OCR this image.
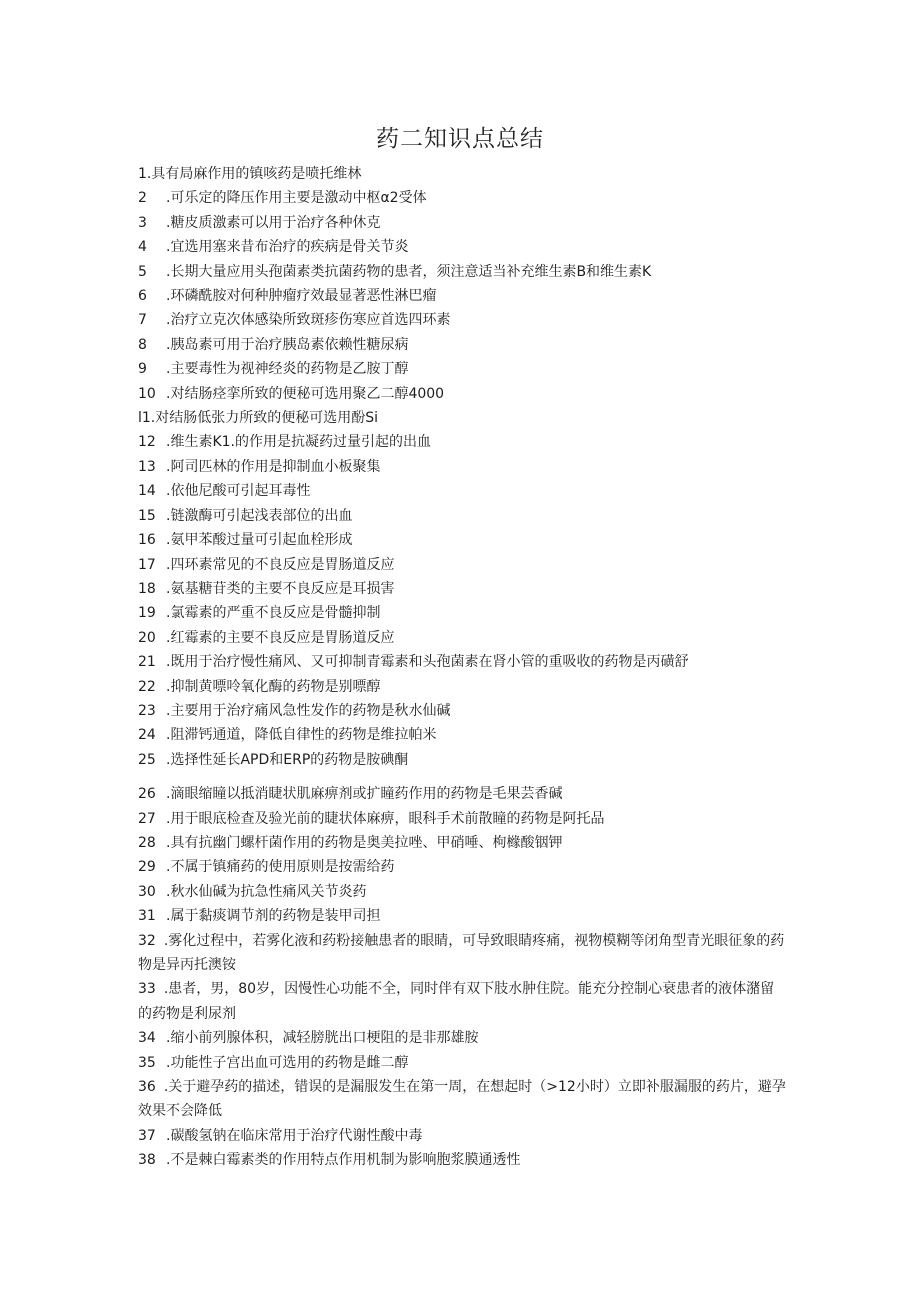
药二知识点总结
1 .具有局麻作用的镇咳药是喷托维林
2	.可乐定的降压作用主要是激动中枢α2受体
3	.糖皮质激素可以用于治疗各种休克
4	.宜选用塞来昔布治疗的疾病是骨关节炎
5	.长期大量应用头孢菌素类抗菌药物的患者，须注意适当补充维生素B和维生素K
6	.环磷酰胺对何种肿瘤疗效最显著恶性淋巴瘤
7	.治疗立克次体感染所致斑疹伤寒应首选四环素
8	.胰岛素可用于治疗胰岛素依赖性糖尿病
9	.主要毒性为视神经炎的药物是乙胺丁醇
10 .对结肠痉挛所致的便秘可选用聚乙二醇4000
l1 .对结肠低张力所致的便秘可选用酚Si
12 .维生素K1.的作用是抗凝药过量引起的出血
13 .阿司匹林的作用是抑制血小板聚集
14 .依他尼酸可引起耳毒性
15 .链激酶可引起浅表部位的出血
16 .氨甲苯酸过量可引起血栓形成
17 .四环素常见的不良反应是胃肠道反应
18 .氨基糖苷类的主要不良反应是耳损害
19 .氯霉素的严重不良反应是骨髓抑制
20 .红霉素的主要不良反应是胃肠道反应
21 .既用于治疗慢性痛风、又可抑制青霉素和头孢菌素在肾小管的重吸收的药物是丙磺舒
22 .抑制黄嘌呤氧化酶的药物是别嘌醇
23 .主要用于治疗痛风急性发作的药物是秋水仙碱
24 .阻滞钙通道，降低自律性的药物是维拉帕米
25 .选择性延长APD和ERP的药物是胺碘酮
26 .滴眼缩瞳以抵消睫状肌麻痹剂或扩瞳药作用的药物是毛果芸香碱
27 .用于眼底检查及验光前的睫状体麻痹，眼科手术前散瞳的药物是阿托品
28 .具有抗幽门螺杆菌作用的药物是奥美拉唑、甲硝唾、枸橼酸铟钾
29 .不属于镇痛药的使用原则是按需给药
30 .秋水仙碱为抗急性痛风关节炎药
31 .属于黏痰调节剂的药物是装甲司担
32 .雾化过程中，若雾化液和药粉接触患者的眼睛，可导致眼睛疼痛，视物模糊等闭角型青光眼征象的药物是异丙托澳铵
33 .患者，男，80岁，因慢性心功能不全，同时伴有双下肢水肿住院。能充分控制心衰患者的液体潴留的药物是利尿剂
34 .缩小前列腺体积，减轻膀胱出口梗阻的是非那雄胺
35 .功能性子宫出血可选用的药物是雌二醇
36 .关于避孕药的描述，错误的是漏服发生在第一周，在想起时（>12小时）立即补服漏服的药片，避孕效果不会降低
37 .碳酸氢钠在临床常用于治疗代谢性酸中毒
38 .不是棘白霉素类的作用特点作用机制为影响胞浆膜通透性
